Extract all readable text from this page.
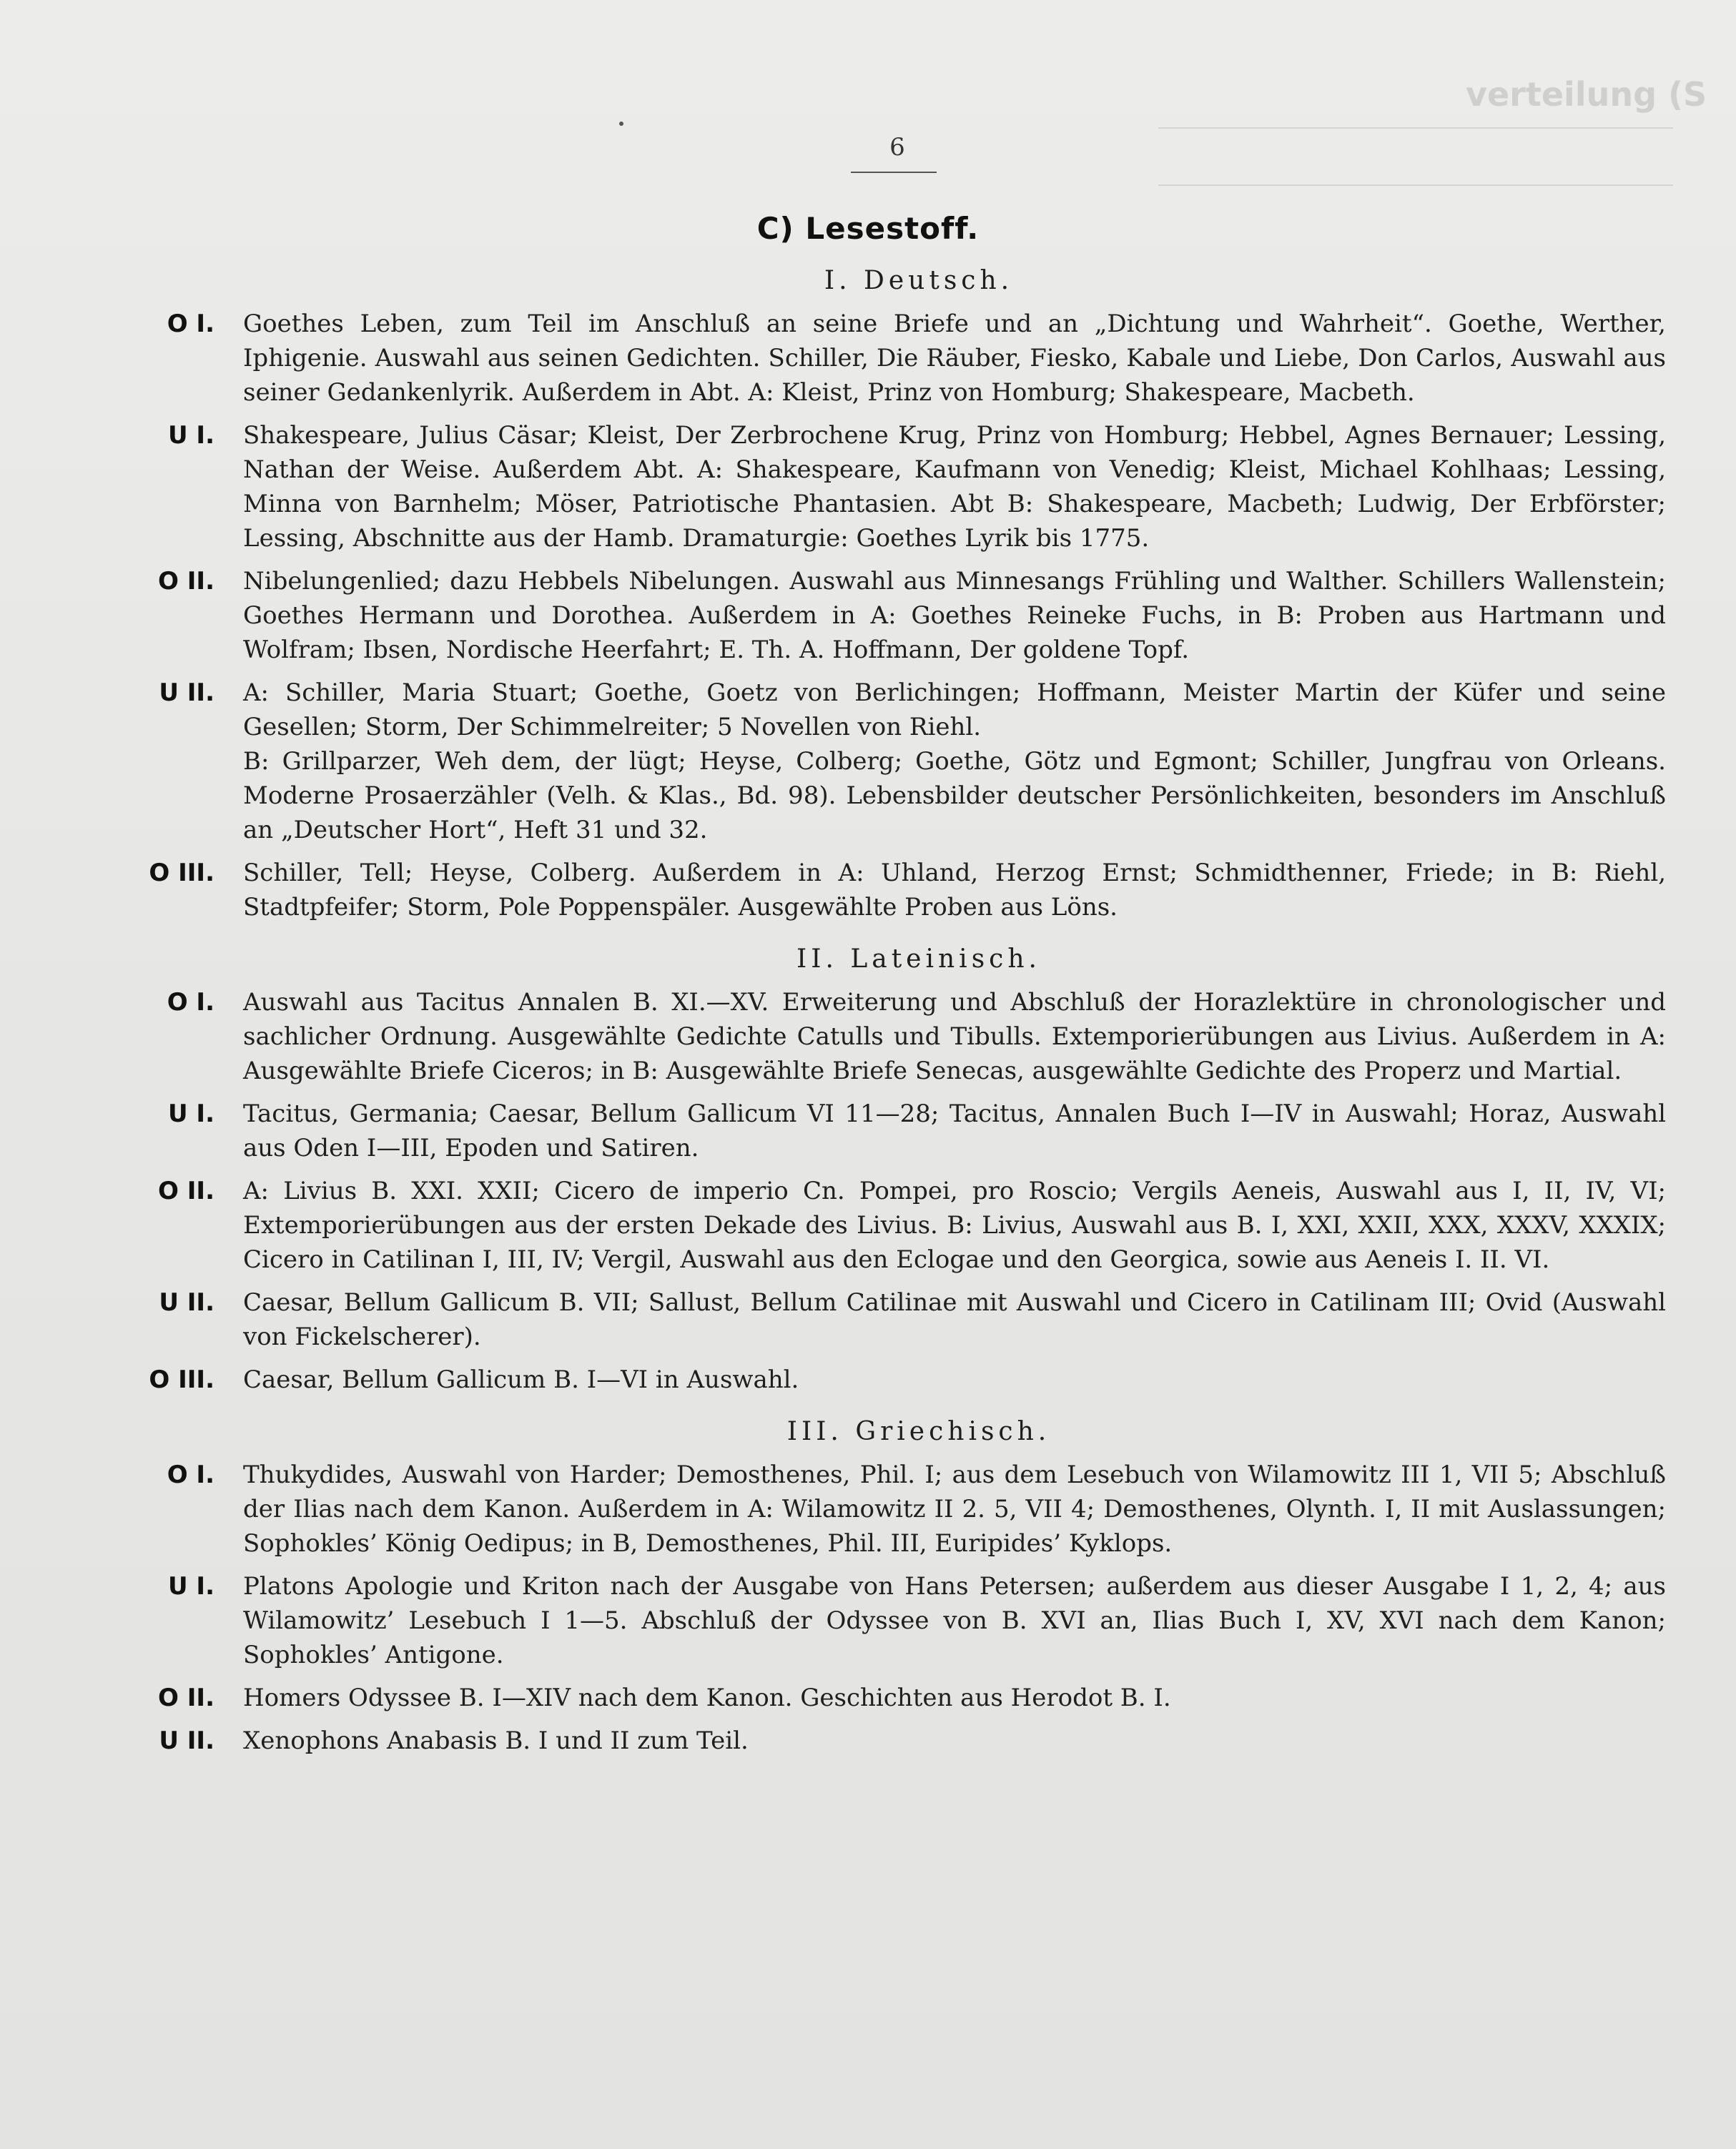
verteilung (S
6
C) Lesestoff.
I. Deutsch.
O I.	Goethes Leben, zum Teil im Anschluß an seine Briefe und an „Dichtung und Wahrheit“. Goethe, Werther, Iphigenie. Auswahl aus seinen Gedichten. Schiller, Die Räuber, Fiesko, Kabale und Liebe, Don Carlos, Auswahl aus seiner Gedankenlyrik. Außerdem in Abt. A: Kleist, Prinz von Homburg; Shakespeare, Macbeth.
U I.	Shakespeare, Julius Cäsar; Kleist, Der Zerbrochene Krug, Prinz von Homburg; Hebbel, Agnes Bernauer; Lessing, Nathan der Weise. Außerdem Abt. A: Shakespeare, Kaufmann von Venedig; Kleist, Michael Kohlhaas; Lessing, Minna von Barnhelm; Möser, Patriotische Phantasien. Abt B: Shakespeare, Macbeth; Ludwig, Der Erbförster; Lessing, Abschnitte aus der Hamb. Dramaturgie: Goethes Lyrik bis 1775.
O II.	Nibelungenlied; dazu Hebbels Nibelungen. Auswahl aus Minnesangs Frühling und Walther. Schillers Wallenstein; Goethes Hermann und Dorothea. Außerdem in A: Goethes Reineke Fuchs, in B: Proben aus Hartmann und Wolfram; Ibsen, Nordische Heerfahrt; E. Th. A. Hoffmann, Der goldene Topf.
U II.	A: Schiller, Maria Stuart; Goethe, Goetz von Berlichingen; Hoffmann, Meister Martin der Küfer und seine Gesellen; Storm, Der Schimmelreiter; 5 Novellen von Riehl.
B: Grillparzer, Weh dem, der lügt; Heyse, Colberg; Goethe, Götz und Egmont; Schiller, Jungfrau von Orleans. Moderne Prosaerzähler (Velh. & Klas., Bd. 98). Lebensbilder deutscher Persönlichkeiten, besonders im Anschluß an „Deutscher Hort“, Heft 31 und 32.
O III.	Schiller, Tell; Heyse, Colberg. Außerdem in A: Uhland, Herzog Ernst; Schmidthenner, Friede; in B: Riehl, Stadtpfeifer; Storm, Pole Poppenspäler. Ausgewählte Proben aus Löns.
II. Lateinisch.
O I.	Auswahl aus Tacitus Annalen B. XI.—XV. Erweiterung und Abschluß der Horazlektüre in chronologischer und sachlicher Ordnung. Ausgewählte Gedichte Catulls und Tibulls. Extemporierübungen aus Livius. Außerdem in A: Ausgewählte Briefe Ciceros; in B: Ausgewählte Briefe Senecas, ausgewählte Gedichte des Properz und Martial.
U I.	Tacitus, Germania; Caesar, Bellum Gallicum VI 11—28; Tacitus, Annalen Buch I—IV in Auswahl; Horaz, Auswahl aus Oden I—III, Epoden und Satiren.
O II.	A: Livius B. XXI. XXII; Cicero de imperio Cn. Pompei, pro Roscio; Vergils Aeneis, Auswahl aus I, II, IV, VI; Extemporierübungen aus der ersten Dekade des Livius. B: Livius, Auswahl aus B. I, XXI, XXII, XXX, XXXV, XXXIX; Cicero in Catilinan I, III, IV; Vergil, Auswahl aus den Eclogae und den Georgica, sowie aus Aeneis I. II. VI.
U II.	Caesar, Bellum Gallicum B. VII; Sallust, Bellum Catilinae mit Auswahl und Cicero in Catilinam III; Ovid (Auswahl von Fickelscherer).
O III.	Caesar, Bellum Gallicum B. I—VI in Auswahl.
III. Griechisch.
O I.	Thukydides, Auswahl von Harder; Demosthenes, Phil. I; aus dem Lesebuch von Wilamowitz III 1, VII 5; Abschluß der Ilias nach dem Kanon. Außerdem in A: Wilamowitz II 2. 5, VII 4; Demosthenes, Olynth. I, II mit Auslassungen; Sophokles’ König Oedipus; in B, Demosthenes, Phil. III, Euripides’ Kyklops.
U I.	Platons Apologie und Kriton nach der Ausgabe von Hans Petersen; außerdem aus dieser Ausgabe I 1, 2, 4; aus Wilamowitz’ Lesebuch I 1—5. Abschluß der Odyssee von B. XVI an, Ilias Buch I, XV, XVI nach dem Kanon; Sophokles’ Antigone.
O II.	Homers Odyssee B. I—XIV nach dem Kanon. Geschichten aus Herodot B. I.
U II.	Xenophons Anabasis B. I und II zum Teil.
